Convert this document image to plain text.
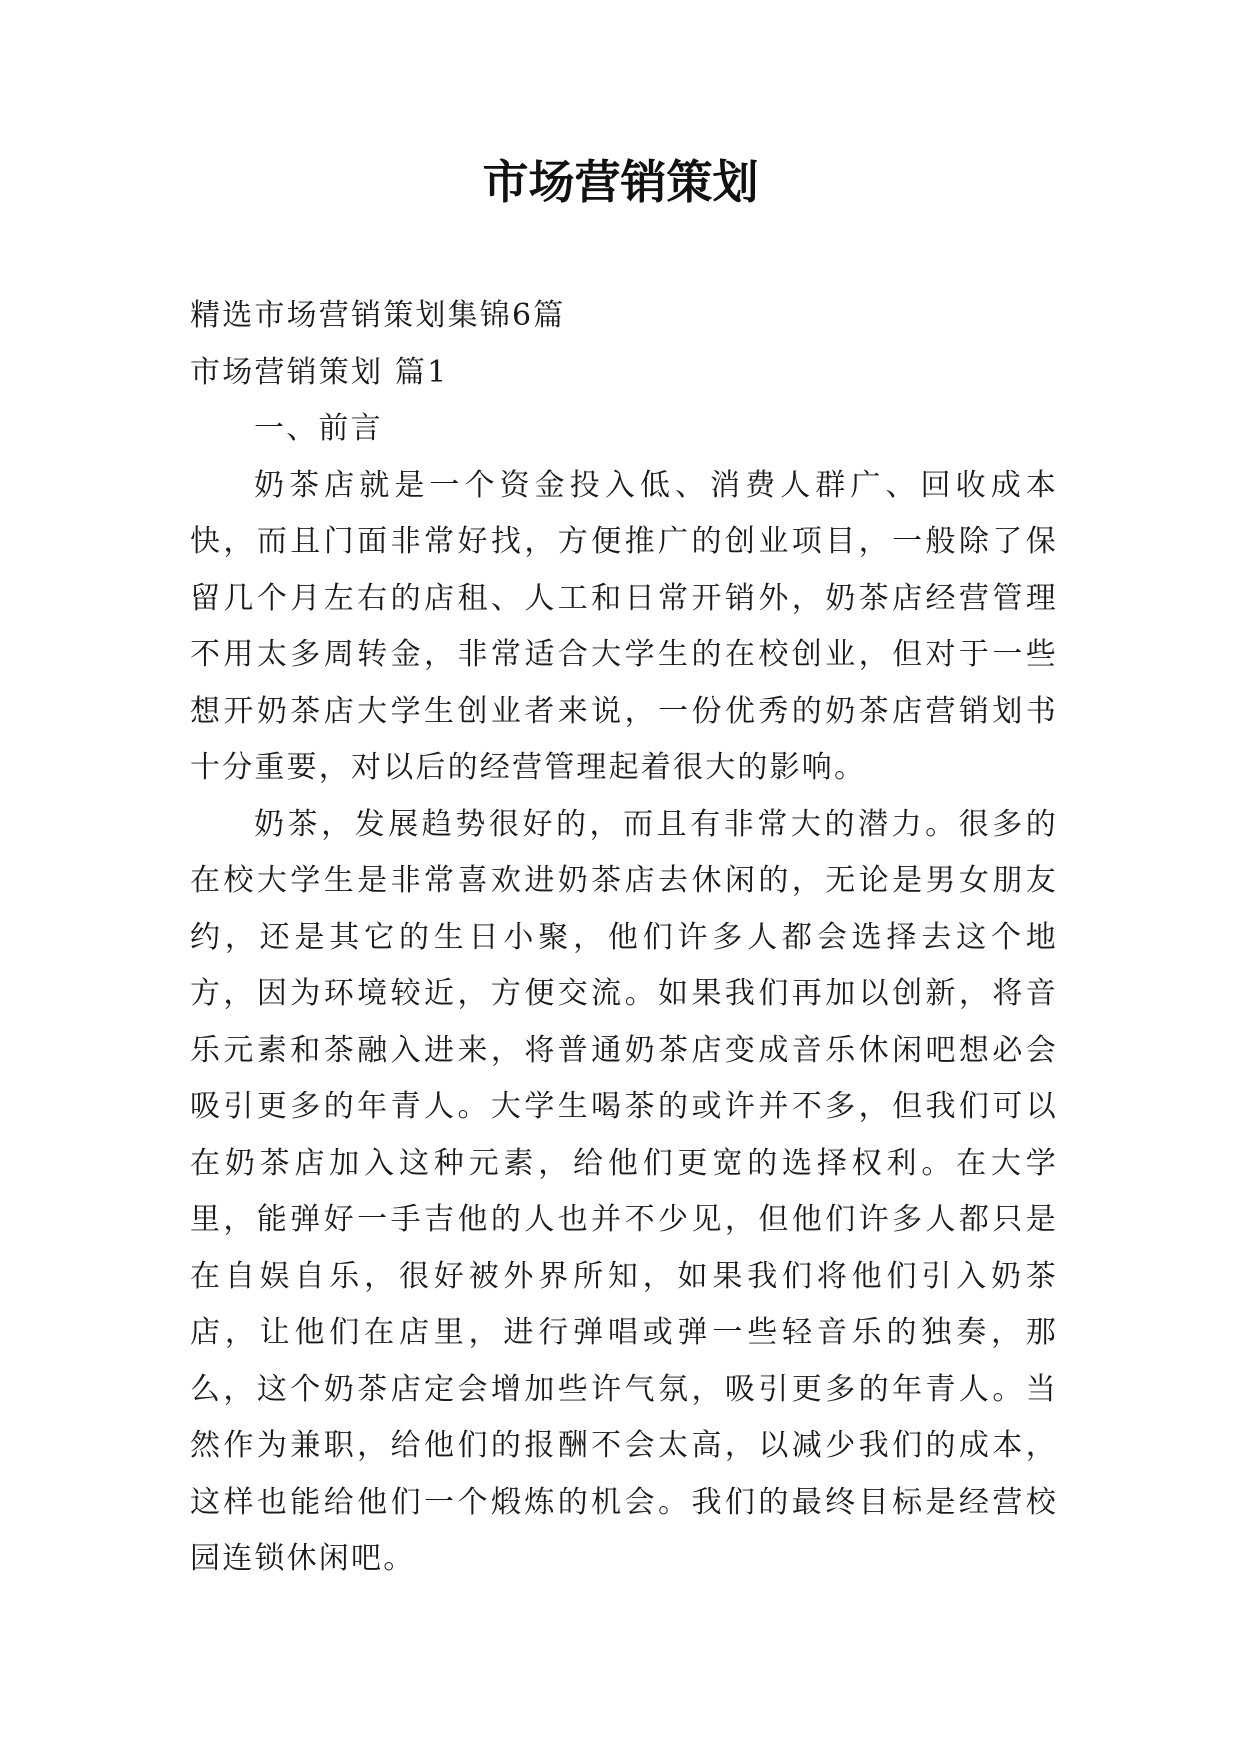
市场营销策划

精选市场营销策划集锦6篇

市场营销策划 篇1

一、前言

奶茶店就是一个资金投入低、消费人群广、回收成本快，而且门面非常好找，方便推广的创业项目，一般除了保留几个月左右的店租、人工和日常开销外，奶茶店经营管理不用太多周转金，非常适合大学生的在校创业，但对于一些想开奶茶店大学生创业者来说，一份优秀的奶茶店营销划书十分重要，对以后的经营管理起着很大的影响。

奶茶，发展趋势很好的，而且有非常大的潜力。很多的在校大学生是非常喜欢进奶茶店去休闲的，无论是男女朋友约，还是其它的生日小聚，他们许多人都会选择去这个地方，因为环境较近，方便交流。如果我们再加以创新，将音乐元素和茶融入进来，将普通奶茶店变成音乐休闲吧想必会吸引更多的年青人。大学生喝茶的或许并不多，但我们可以在奶茶店加入这种元素，给他们更宽的选择权利。在大学里，能弹好一手吉他的人也并不少见，但他们许多人都只是在自娱自乐，很好被外界所知，如果我们将他们引入奶茶店，让他们在店里，进行弹唱或弹一些轻音乐的独奏，那么，这个奶茶店定会增加些许气氛，吸引更多的年青人。当然作为兼职，给他们的报酬不会太高，以减少我们的成本，这样也能给他们一个煅炼的机会。我们的最终目标是经营校园连锁休闲吧。
